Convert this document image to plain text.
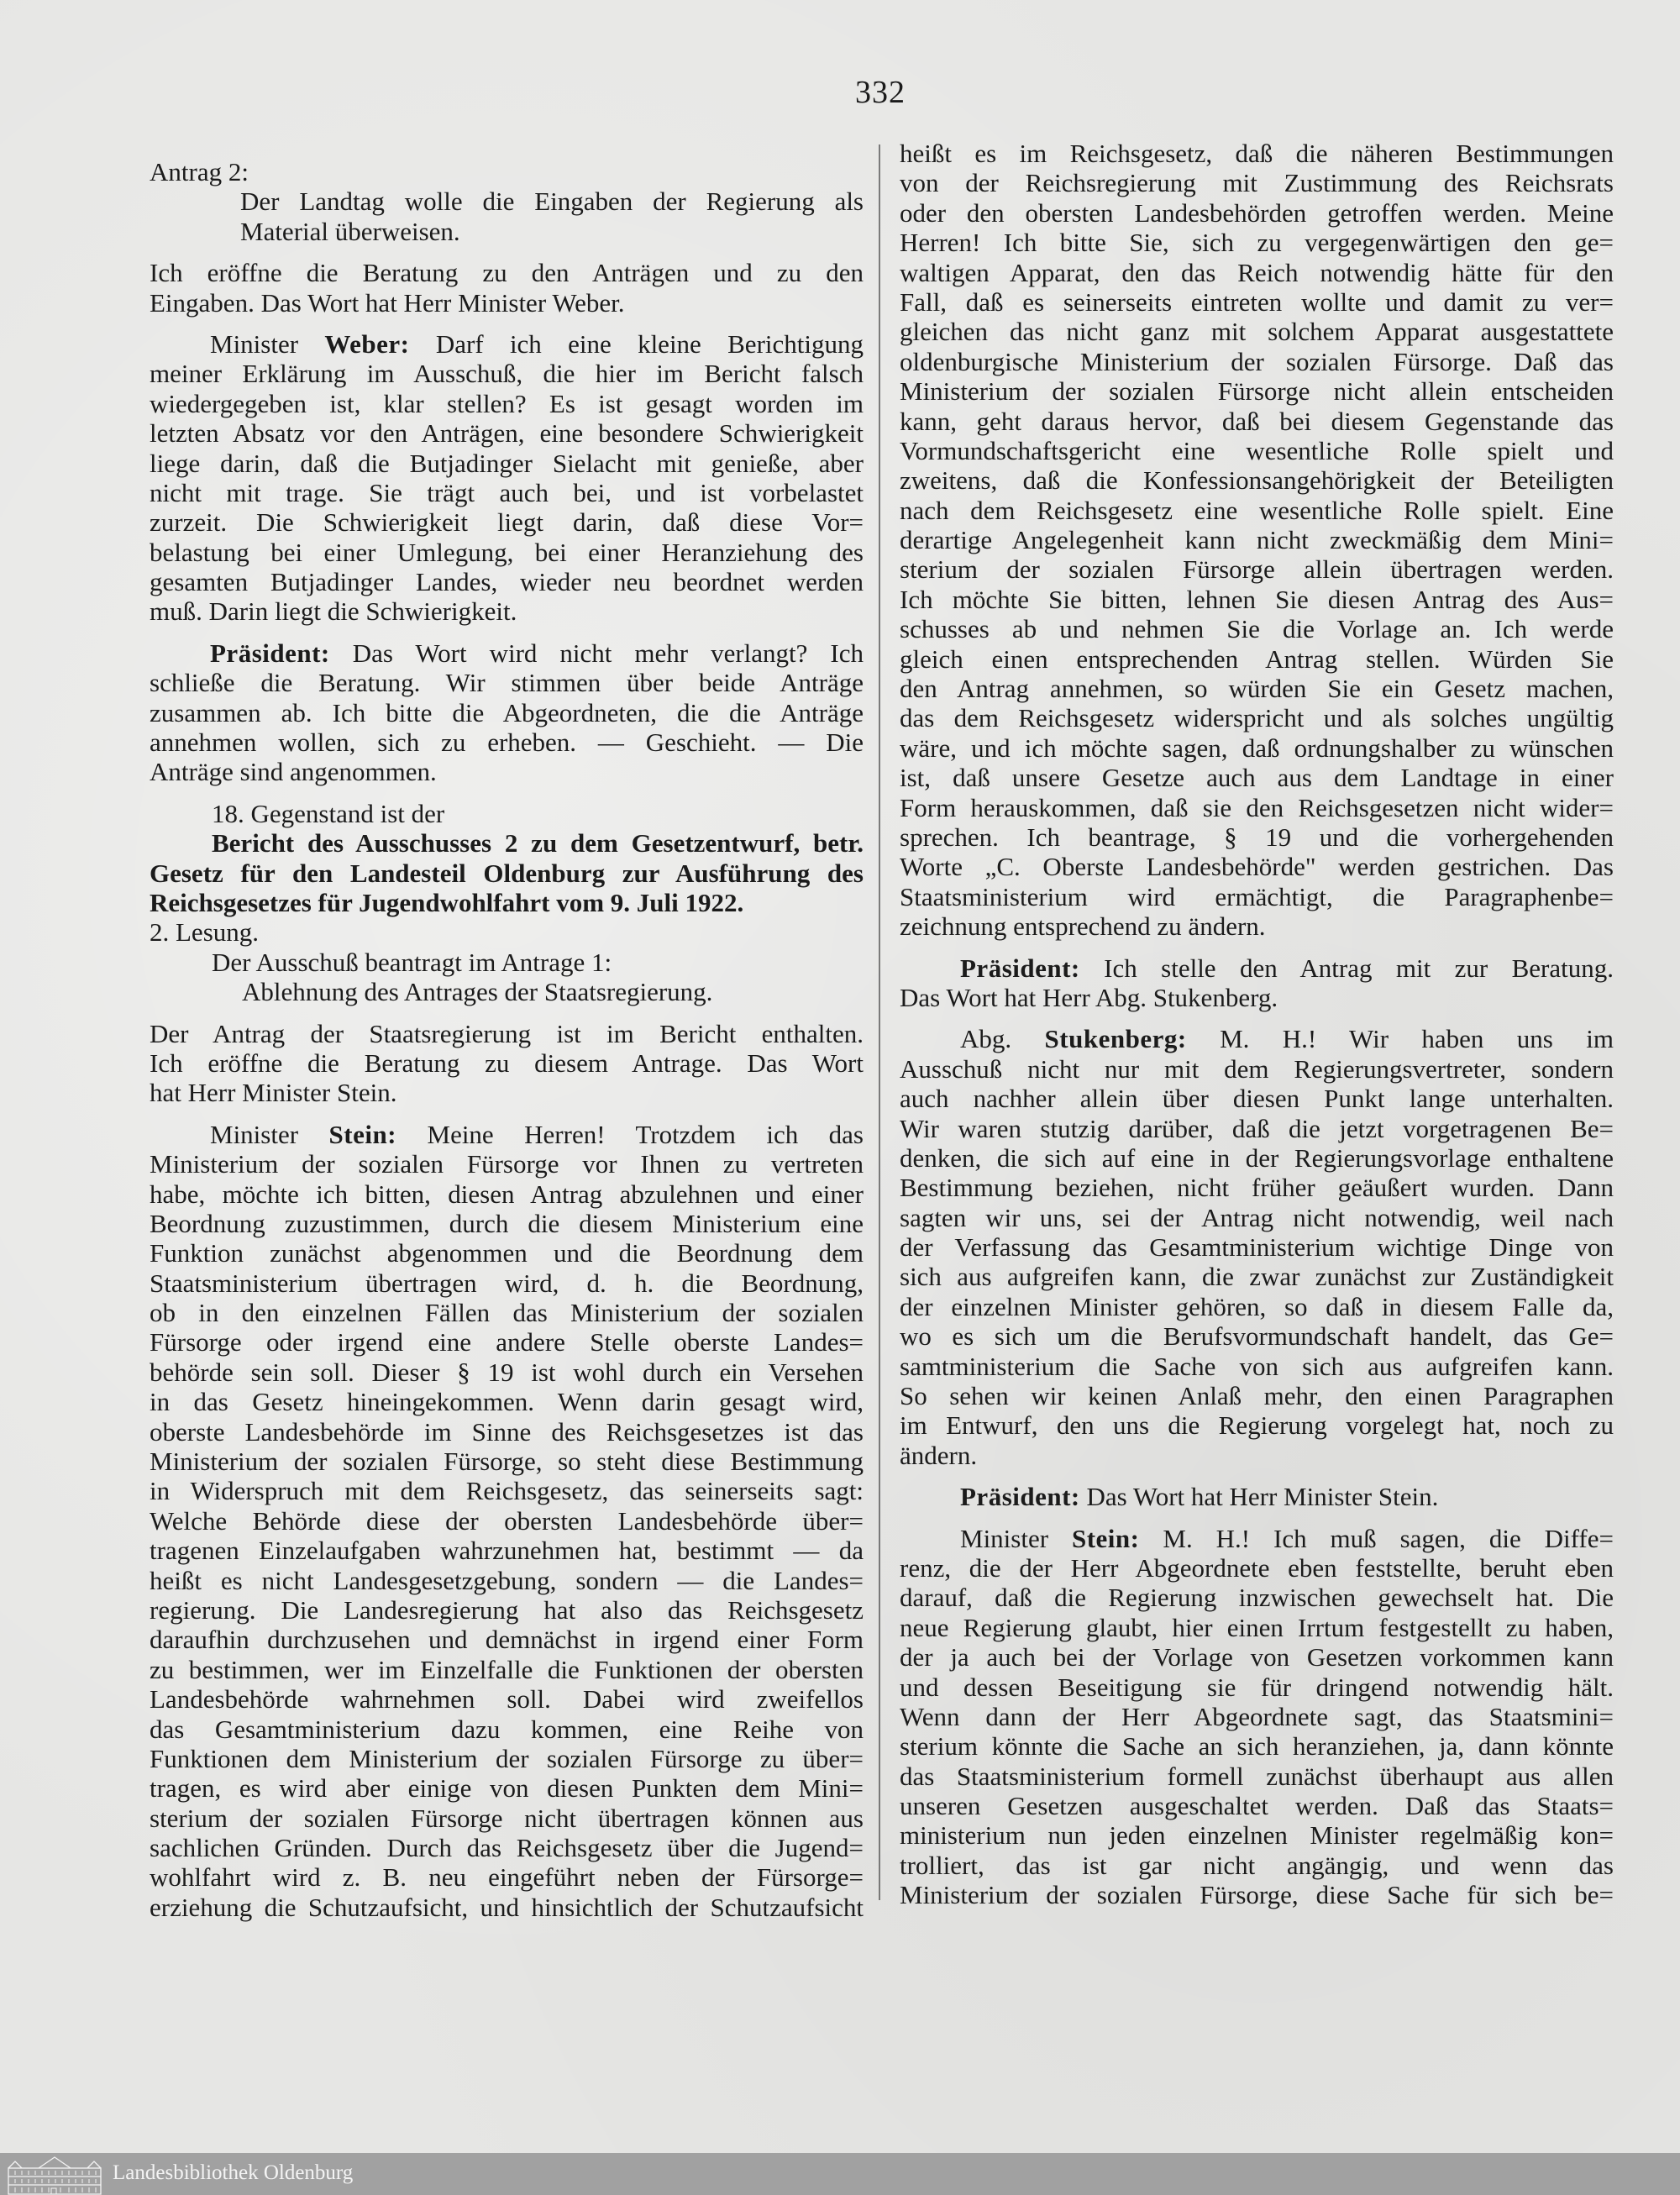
332
Antrag 2:
Der Landtag wolle die Eingaben der Regierung als
Material überweisen.
Ich eröffne die Beratung zu den Anträgen und zu den
Eingaben. Das Wort hat Herr Minister Weber.
Minister Weber: Darf ich eine kleine Berichtigung
meiner Erklärung im Ausschuß, die hier im Bericht falsch
wiedergegeben ist, klar stellen? Es ist gesagt worden im
letzten Absatz vor den Anträgen, eine besondere Schwierigkeit
liege darin, daß die Butjadinger Sielacht mit genieße, aber
nicht mit trage. Sie trägt auch bei, und ist vorbelastet
zurzeit. Die Schwierigkeit liegt darin, daß diese Vor=
belastung bei einer Umlegung, bei einer Heranziehung des
gesamten Butjadinger Landes, wieder neu beordnet werden
muß. Darin liegt die Schwierigkeit.
Präsident: Das Wort wird nicht mehr verlangt? Ich
schließe die Beratung. Wir stimmen über beide Anträge
zusammen ab. Ich bitte die Abgeordneten, die die Anträge
annehmen wollen, sich zu erheben. — Geschieht. — Die
Anträge sind angenommen.
18. Gegenstand ist der
Bericht des Ausschusses 2 zu dem Gesetzentwurf, betr.
Gesetz für den Landesteil Oldenburg zur Ausführung des
Reichsgesetzes für Jugendwohlfahrt vom 9. Juli 1922.
2. Lesung.
Der Ausschuß beantragt im Antrage 1:
Ablehnung des Antrages der Staatsregierung.
Der Antrag der Staatsregierung ist im Bericht enthalten.
Ich eröffne die Beratung zu diesem Antrage. Das Wort
hat Herr Minister Stein.
Minister Stein: Meine Herren! Trotzdem ich das
Ministerium der sozialen Fürsorge vor Ihnen zu vertreten
habe, möchte ich bitten, diesen Antrag abzulehnen und einer
Beordnung zuzustimmen, durch die diesem Ministerium eine
Funktion zunächst abgenommen und die Beordnung dem
Staatsministerium übertragen wird, d. h. die Beordnung,
ob in den einzelnen Fällen das Ministerium der sozialen
Fürsorge oder irgend eine andere Stelle oberste Landes=
behörde sein soll. Dieser § 19 ist wohl durch ein Versehen
in das Gesetz hineingekommen. Wenn darin gesagt wird,
oberste Landesbehörde im Sinne des Reichsgesetzes ist das
Ministerium der sozialen Fürsorge, so steht diese Bestimmung
in Widerspruch mit dem Reichsgesetz, das seinerseits sagt:
Welche Behörde diese der obersten Landesbehörde über=
tragenen Einzelaufgaben wahrzunehmen hat, bestimmt — da
heißt es nicht Landesgesetzgebung, sondern — die Landes=
regierung. Die Landesregierung hat also das Reichsgesetz
daraufhin durchzusehen und demnächst in irgend einer Form
zu bestimmen, wer im Einzelfalle die Funktionen der obersten
Landesbehörde wahrnehmen soll. Dabei wird zweifellos
das Gesamtministerium dazu kommen, eine Reihe von
Funktionen dem Ministerium der sozialen Fürsorge zu über=
tragen, es wird aber einige von diesen Punkten dem Mini=
sterium der sozialen Fürsorge nicht übertragen können aus
sachlichen Gründen. Durch das Reichsgesetz über die Jugend=
wohlfahrt wird z. B. neu eingeführt neben der Fürsorge=
erziehung die Schutzaufsicht, und hinsichtlich der Schutzaufsicht
heißt es im Reichsgesetz, daß die näheren Bestimmungen
von der Reichsregierung mit Zustimmung des Reichsrats
oder den obersten Landesbehörden getroffen werden. Meine
Herren! Ich bitte Sie, sich zu vergegenwärtigen den ge=
waltigen Apparat, den das Reich notwendig hätte für den
Fall, daß es seinerseits eintreten wollte und damit zu ver=
gleichen das nicht ganz mit solchem Apparat ausgestattete
oldenburgische Ministerium der sozialen Fürsorge. Daß das
Ministerium der sozialen Fürsorge nicht allein entscheiden
kann, geht daraus hervor, daß bei diesem Gegenstande das
Vormundschaftsgericht eine wesentliche Rolle spielt und
zweitens, daß die Konfessionsangehörigkeit der Beteiligten
nach dem Reichsgesetz eine wesentliche Rolle spielt. Eine
derartige Angelegenheit kann nicht zweckmäßig dem Mini=
sterium der sozialen Fürsorge allein übertragen werden.
Ich möchte Sie bitten, lehnen Sie diesen Antrag des Aus=
schusses ab und nehmen Sie die Vorlage an. Ich werde
gleich einen entsprechenden Antrag stellen. Würden Sie
den Antrag annehmen, so würden Sie ein Gesetz machen,
das dem Reichsgesetz widerspricht und als solches ungültig
wäre, und ich möchte sagen, daß ordnungshalber zu wünschen
ist, daß unsere Gesetze auch aus dem Landtage in einer
Form herauskommen, daß sie den Reichsgesetzen nicht wider=
sprechen. Ich beantrage, § 19 und die vorhergehenden
Worte „C. Oberste Landesbehörde" werden gestrichen. Das
Staatsministerium wird ermächtigt, die Paragraphenbe=
zeichnung entsprechend zu ändern.
Präsident: Ich stelle den Antrag mit zur Beratung.
Das Wort hat Herr Abg. Stukenberg.
Abg. Stukenberg: M. H.! Wir haben uns im
Ausschuß nicht nur mit dem Regierungsvertreter, sondern
auch nachher allein über diesen Punkt lange unterhalten.
Wir waren stutzig darüber, daß die jetzt vorgetragenen Be=
denken, die sich auf eine in der Regierungsvorlage enthaltene
Bestimmung beziehen, nicht früher geäußert wurden. Dann
sagten wir uns, sei der Antrag nicht notwendig, weil nach
der Verfassung das Gesamtministerium wichtige Dinge von
sich aus aufgreifen kann, die zwar zunächst zur Zuständigkeit
der einzelnen Minister gehören, so daß in diesem Falle da,
wo es sich um die Berufsvormundschaft handelt, das Ge=
samtministerium die Sache von sich aus aufgreifen kann.
So sehen wir keinen Anlaß mehr, den einen Paragraphen
im Entwurf, den uns die Regierung vorgelegt hat, noch zu
ändern.
Präsident: Das Wort hat Herr Minister Stein.
Minister Stein: M. H.! Ich muß sagen, die Diffe=
renz, die der Herr Abgeordnete eben feststellte, beruht eben
darauf, daß die Regierung inzwischen gewechselt hat. Die
neue Regierung glaubt, hier einen Irrtum festgestellt zu haben,
der ja auch bei der Vorlage von Gesetzen vorkommen kann
und dessen Beseitigung sie für dringend notwendig hält.
Wenn dann der Herr Abgeordnete sagt, das Staatsmini=
sterium könnte die Sache an sich heranziehen, ja, dann könnte
das Staatsministerium formell zunächst überhaupt aus allen
unseren Gesetzen ausgeschaltet werden. Daß das Staats=
ministerium nun jeden einzelnen Minister regelmäßig kon=
trolliert, das ist gar nicht angängig, und wenn das
Ministerium der sozialen Fürsorge, diese Sache für sich be=
Landesbibliothek Oldenburg
